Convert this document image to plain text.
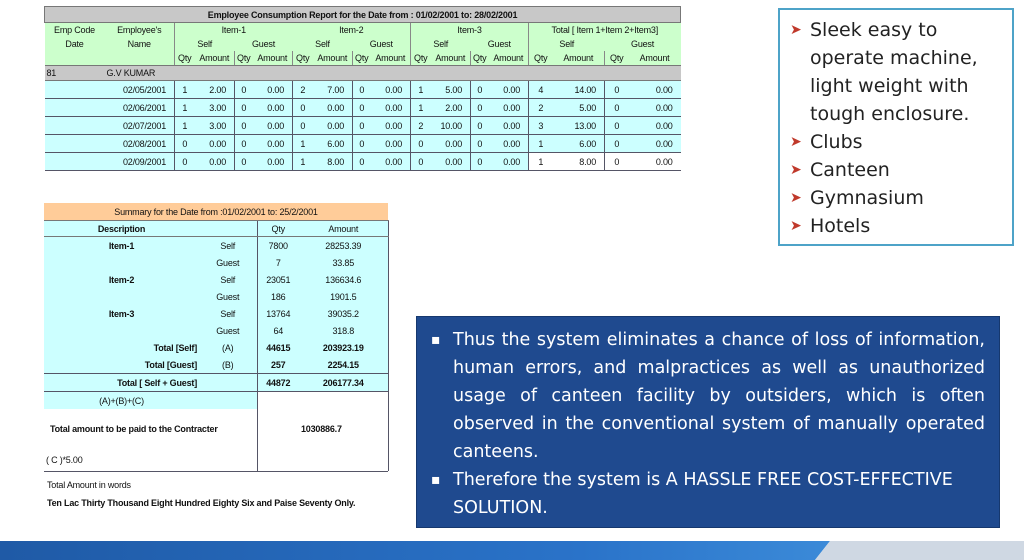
Employee Consumption Report for the Date from : 01/02/2001 to: 28/02/2001																		
Emp Code	Employee's	Item-1				Item-2				Item-3				Total [ Item 1+Item 2+Item3]				
Date	Name	Self		Guest		Self		Guest		Self		Guest		Self		Guest		
		Qty	Amount	Qty	Amount	Qty	Amount	Qty	Amount	Qty	Amount	Qty	Amount	Qty	Amount	Qty	Amount	
81	G.V KUMAR																	
02/05/2001		1	2.00	0	0.00	2	7.00	0	0.00	1	5.00	0	0.00	4	14.00	0	0.00	
02/06/2001		1	3.00	0	0.00	0	0.00	0	0.00	1	2.00	0	0.00	2	5.00	0	0.00	
02/07/2001		1	3.00	0	0.00	0	0.00	0	0.00	2	10.00	0	0.00	3	13.00	0	0.00	
02/08/2001		0	0.00	0	0.00	1	6.00	0	0.00	0	0.00	0	0.00	1	6.00	0	0.00	
02/09/2001		0	0.00	0	0.00	1	8.00	0	0.00	0	0.00	0	0.00	1	8.00	0	0.00	
Summary for the Date from :01/02/2001 to: 25/2/2001			
Description		Qty	Amount
Item-1	Self	7800	28253.39
	Guest	7	33.85
Item-2	Self	23051	136634.6
	Guest	186	1901.5
Item-3	Self	13764	39035.2
	Guest	64	318.8
Total [Self]	(A)	44615	203923.19
Total [Guest]	(B)	257	2254.15
Total [ Self + Guest]		44872	206177.34
(A)+(B)+(C)			
Total amount to be paid to the Contracter			1030886.7
( C )*5.00			
Total Amount in words
Ten Lac Thirty Thousand Eight Hundred Eighty Six and Paise Seventy Only.
➤ Sleek easy to operate machine, light weight with tough enclosure.
➤ Clubs
➤ Canteen
➤ Gymnasium
➤ Hotels
▪ Thus the system eliminates a chance of loss of information, human errors, and malpractices as well as unauthorized usage of canteen facility by outsiders, which is often observed in the conventional system of manually operated canteens.
▪ Therefore the system is A HASSLE FREE COST-EFFECTIVE SOLUTION.
